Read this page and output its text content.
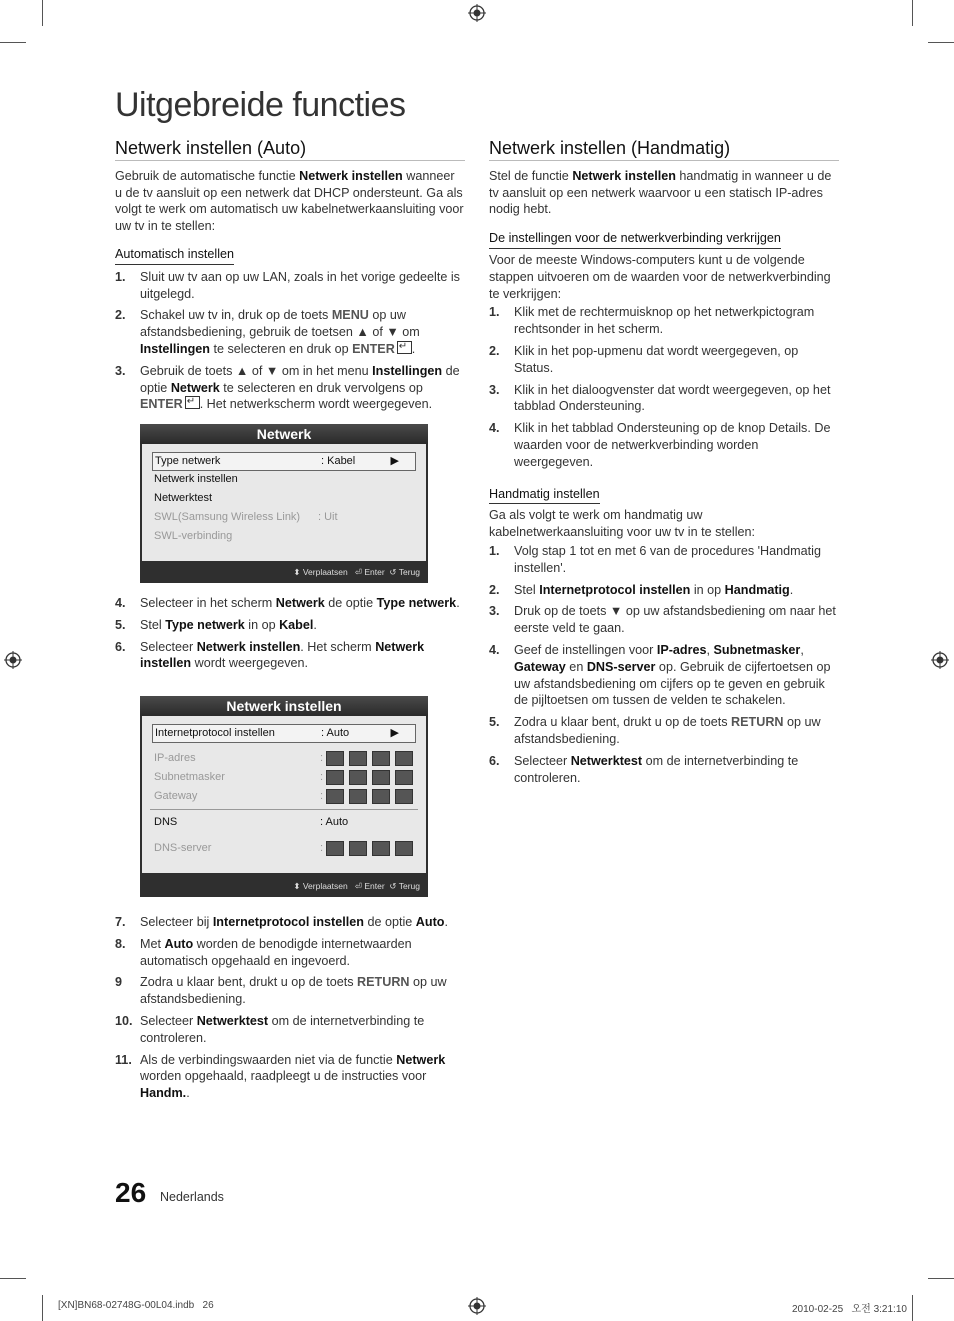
Uitgebreide functies
Netwerk instellen (Auto)

Gebruik de automatische functie Netwerk instellen wanneer u de tv aansluit op een netwerk dat DHCP ondersteunt. Ga als volgt te werk om automatisch uw kabelnetwerkaansluiting voor uw tv in te stellen:

Automatisch instellen
1. Sluit uw tv aan op uw LAN, zoals in het vorige gedeelte is uitgelegd.
2. Schakel uw tv in, druk op de toets MENU op uw afstandsbediening, gebruik de toetsen ▲ of ▼ om Instellingen te selecteren en druk op ENTER ↵ .
3. Gebruik de toets ▲ of ▼ om in het menu Instellingen de optie Netwerk te selecteren en druk vervolgens op ENTER ↵ . Het netwerkscherm wordt weergegeven.
Netwerk
Type netwerk	: Kabel	▶
Netwerk instellen
Netwerktest
SWL(Samsung Wireless Link) : Uit
SWL-verbinding
⬍ Verplaatsen ⏎ Enter ↺ Terug
4. Selecteer in het scherm Netwerk de optie Type netwerk.
5. Stel Type netwerk in op Kabel.
6. Selecteer Netwerk instellen. Het scherm Netwerk instellen wordt weergegeven.
Netwerk instellen
Internetprotocol instellen	: Auto	▶
IP-adres	:
Subnetmasker	:
Gateway	:
DNS	: Auto
DNS-server	:
⬍ Verplaatsen ⏎ Enter ↺ Terug
7. Selecteer bij Internetprotocol instellen de optie Auto.
8. Met Auto worden de benodigde internetwaarden automatisch opgehaald en ingevoerd.
9 Zodra u klaar bent, drukt u op de toets RETURN op uw afstandsbediening.
10. Selecteer Netwerktest om de internetverbinding te controleren.
11. Als de verbindingswaarden niet via de functie Netwerk worden opgehaald, raadpleegt u de instructies voor Handm..
Netwerk instellen (Handmatig)

Stel de functie Netwerk instellen handmatig in wanneer u de tv aansluit op een netwerk waarvoor u een statisch IP-adres nodig hebt.

De instellingen voor de netwerkverbinding verkrijgen

Voor de meeste Windows-computers kunt u de volgende stappen uitvoeren om de waarden voor de netwerkverbinding te verkrijgen:

1. Klik met de rechtermuisknop op het netwerkpictogram rechtsonder in het scherm.
2. Klik in het pop-upmenu dat wordt weergegeven, op Status.
3. Klik in het dialoogvenster dat wordt weergegeven, op het tabblad Ondersteuning.
4. Klik in het tabblad Ondersteuning op de knop Details. De waarden voor de netwerkverbinding worden weergegeven.
Handmatig instellen

Ga als volgt te werk om handmatig uw kabelnetwerkaansluiting voor uw tv in te stellen:

1. Volg stap 1 tot en met 6 van de procedures 'Handmatig instellen'.
2. Stel Internetprotocol instellen in op Handmatig.
3. Druk op de toets ▼ op uw afstandsbediening om naar het eerste veld te gaan.
4. Geef de instellingen voor IP-adres, Subnetmasker, Gateway en DNS-server op. Gebruik de cijfertoetsen op uw afstandsbediening om cijfers op te geven en gebruik de pijltoetsen om tussen de velden te schakelen.
5. Zodra u klaar bent, drukt u op de toets RETURN op uw afstandsbediening.
6. Selecteer Netwerktest om de internetverbinding te controleren.
26 Nederlands
[XN]BN68-02748G-00L04.indb   26	2010-02-25   오전 3:21:10
